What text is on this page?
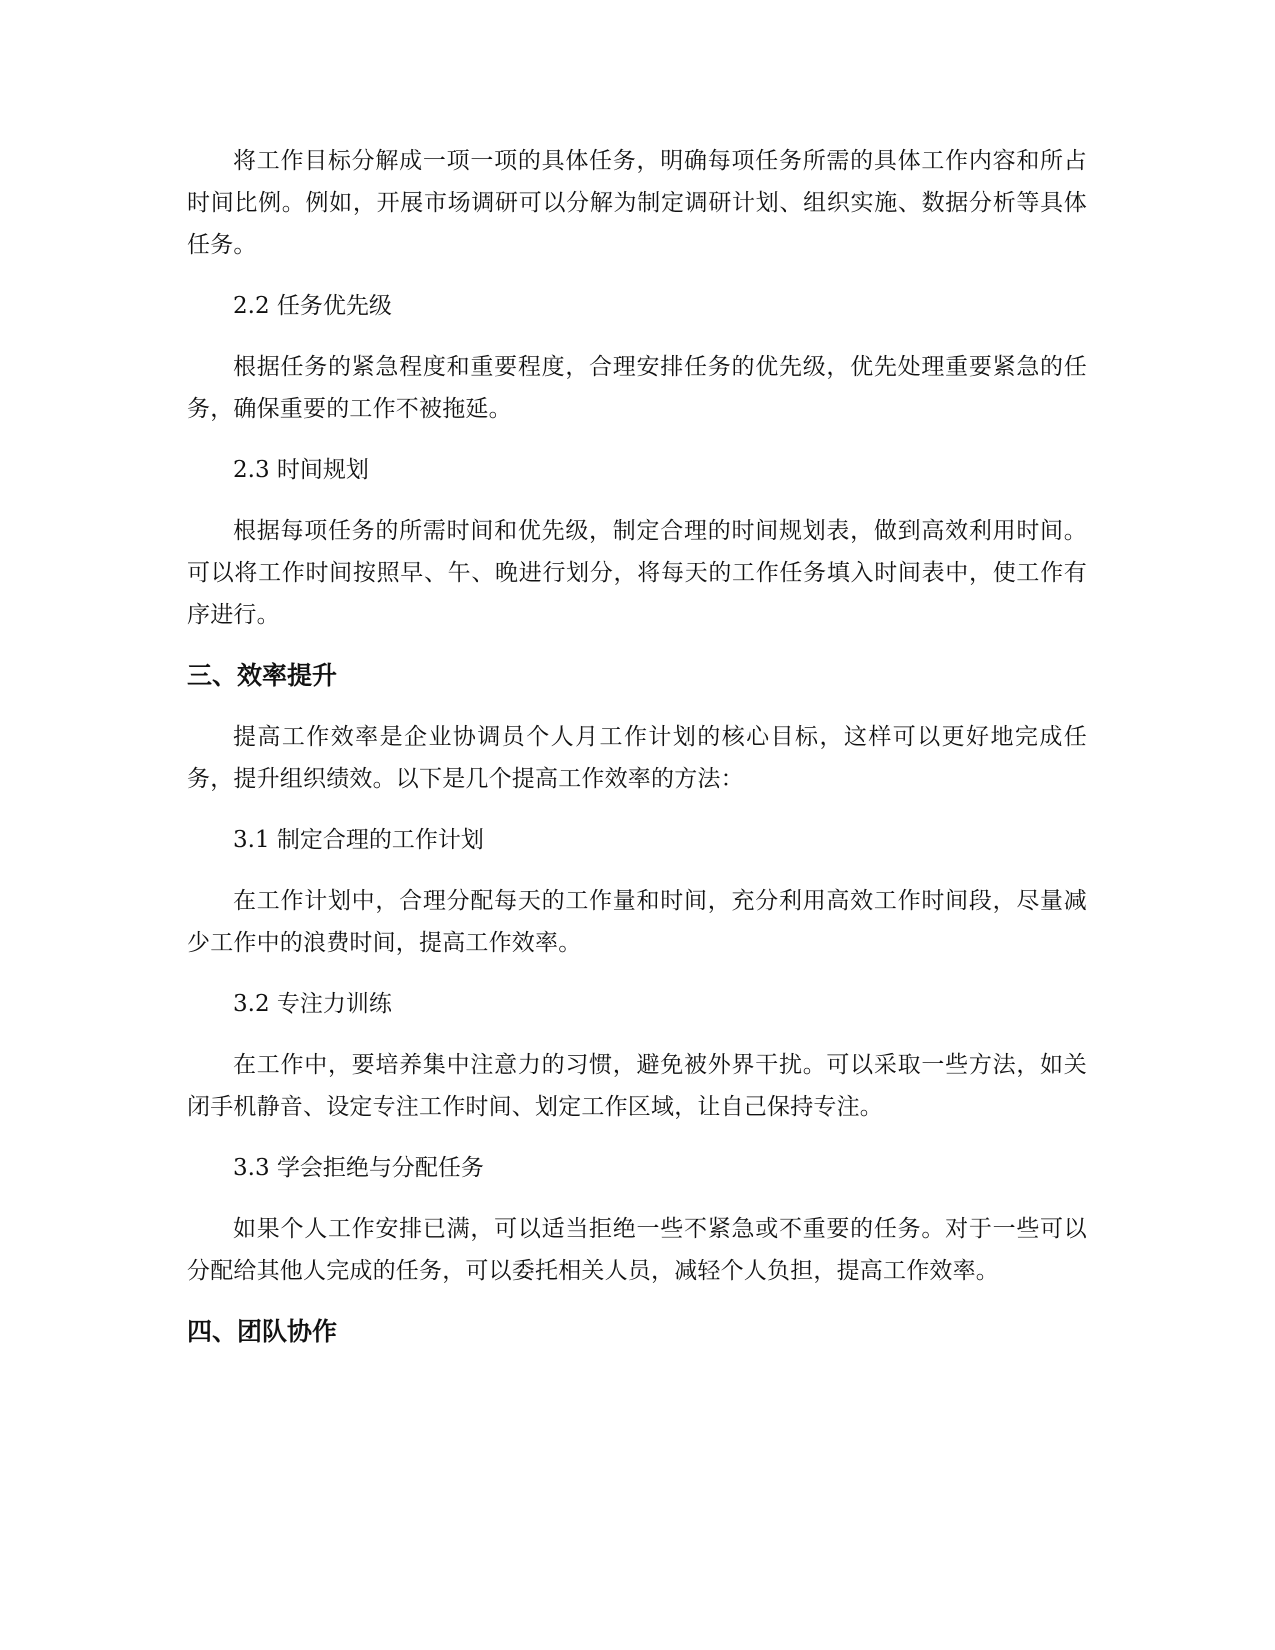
将工作目标分解成一项一项的具体任务，明确每项任务所需的具体工作内容和所占时间比例。例如，开展市场调研可以分解为制定调研计划、组织实施、数据分析等具体任务。

2.2 任务优先级

根据任务的紧急程度和重要程度，合理安排任务的优先级，优先处理重要紧急的任务，确保重要的工作不被拖延。

2.3 时间规划

根据每项任务的所需时间和优先级，制定合理的时间规划表，做到高效利用时间。可以将工作时间按照早、午、晚进行划分，将每天的工作任务填入时间表中，使工作有序进行。

三、效率提升

提高工作效率是企业协调员个人月工作计划的核心目标，这样可以更好地完成任务，提升组织绩效。以下是几个提高工作效率的方法：

3.1 制定合理的工作计划

在工作计划中，合理分配每天的工作量和时间，充分利用高效工作时间段，尽量减少工作中的浪费时间，提高工作效率。

3.2 专注力训练

在工作中，要培养集中注意力的习惯，避免被外界干扰。可以采取一些方法，如关闭手机静音、设定专注工作时间、划定工作区域，让自己保持专注。

3.3 学会拒绝与分配任务

如果个人工作安排已满，可以适当拒绝一些不紧急或不重要的任务。对于一些可以分配给其他人完成的任务，可以委托相关人员，减轻个人负担，提高工作效率。

四、团队协作
